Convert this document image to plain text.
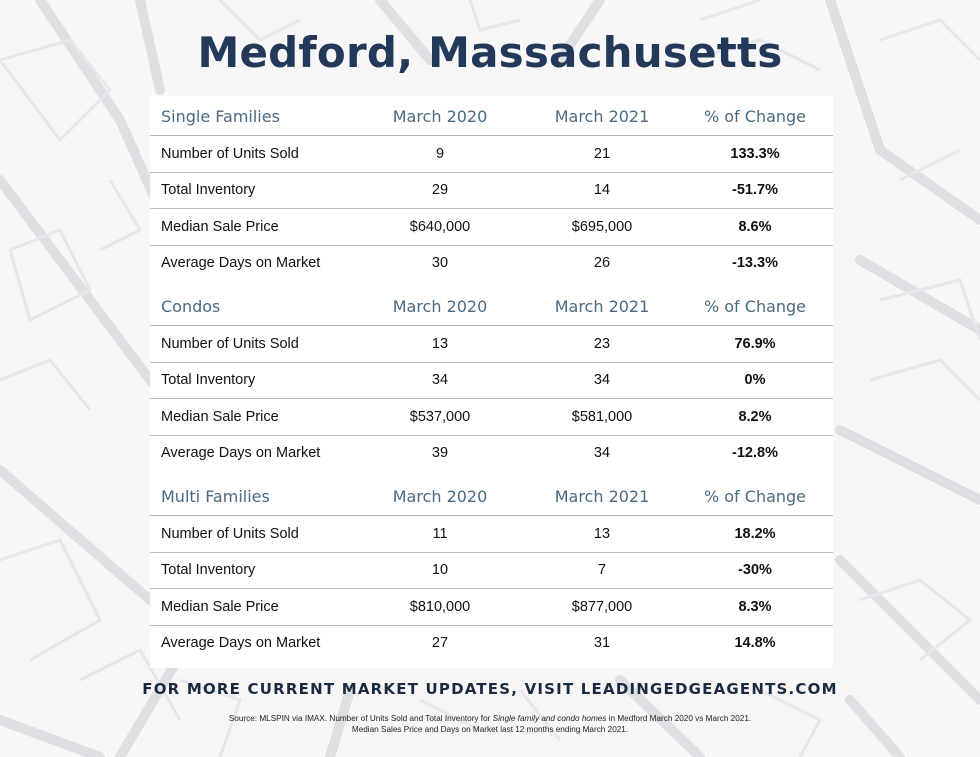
Medford, Massachusetts
Single Families	March 2020	March 2021	% of Change
Number of Units Sold	9	21	133.3%
Total Inventory	29	14	-51.7%
Median Sale Price	$640,000	$695,000	8.6%
Average Days on Market	30	26	-13.3%
Condos	March 2020	March 2021	% of Change
Number of Units Sold	13	23	76.9%
Total Inventory	34	34	0%
Median Sale Price	$537,000	$581,000	8.2%
Average Days on Market	39	34	-12.8%
Multi Families	March 2020	March 2021	% of Change
Number of Units Sold	11	13	18.2%
Total Inventory	10	7	-30%
Median Sale Price	$810,000	$877,000	8.3%
Average Days on Market	27	31	14.8%
FOR MORE CURRENT MARKET UPDATES, VISIT LEADINGEDGEAGENTS.COM
Source: MLSPIN via IMAX. Number of Units Sold and Total Inventory for Single family and condo homes in Medford March 2020 vs March 2021.
Median Sales Price and Days on Market last 12 months ending March 2021.
